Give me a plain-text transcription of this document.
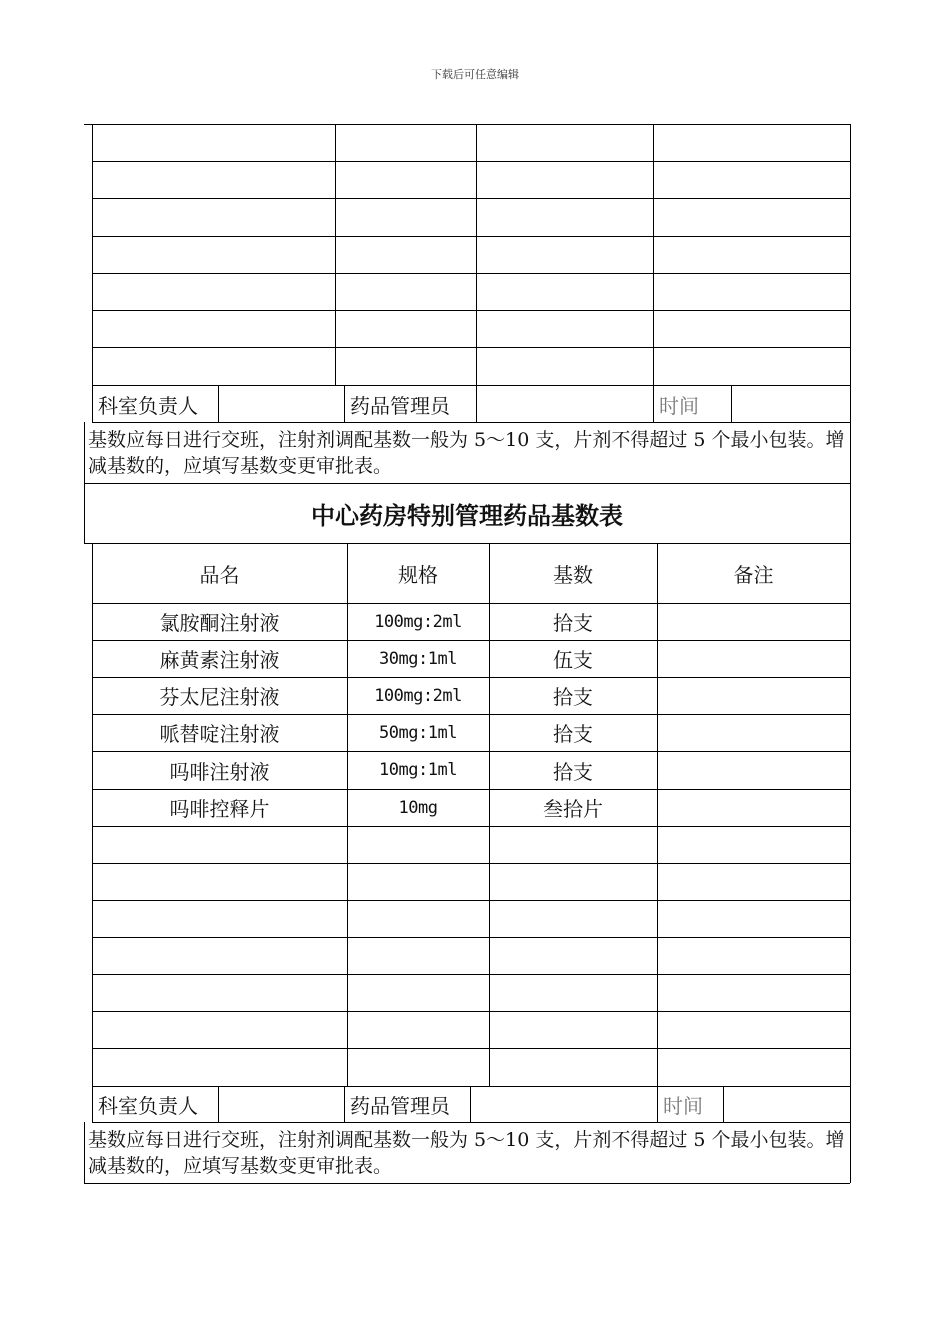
下载后可任意编辑
科室负责人	药品管理员	时间
基数应每日进行交班，注射剂调配基数一般为 5～10 支，片剂不得超过 5 个最小包装。增减基数的，应填写基数变更审批表。
中心药房特别管理药品基数表
品名	规格	基数	备注
氯胺酮注射液	100mg:2ml	拾支
麻黄素注射液	30mg:1ml	伍支
芬太尼注射液	100mg:2ml	拾支
哌替啶注射液	50mg:1ml	拾支
吗啡注射液	10mg:1ml	拾支
吗啡控释片	10mg	叁拾片
科室负责人	药品管理员	时间
基数应每日进行交班，注射剂调配基数一般为 5～10 支，片剂不得超过 5 个最小包装。增减基数的，应填写基数变更审批表。
